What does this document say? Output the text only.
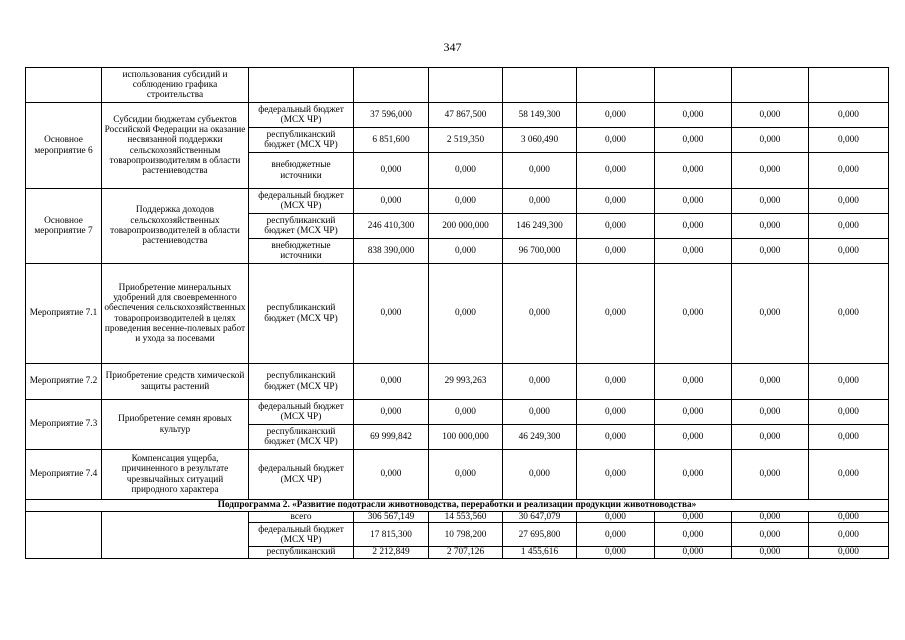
347
	использования субсидий и соблюдению графика строительства								
Основное мероприятие 6	Субсидии бюджетам субъектов Российской Федерации на оказание несвязанной поддержки сельскохозяйственным товаропроизводителям в области растениеводства	федеральный бюджет (МСХ ЧР)	37 596,000	47 867,500	58 149,300	0,000	0,000	0,000	0,000
		республиканский бюджет (МСХ ЧР)	6 851,600	2 519,350	3 060,490	0,000	0,000	0,000	0,000
		внебюджетные источники	0,000	0,000	0,000	0,000	0,000	0,000	0,000
Основное мероприятие 7	Поддержка доходов сельскохозяйственных товаропроизводителей в области растениеводства	федеральный бюджет (МСХ ЧР)	0,000	0,000	0,000	0,000	0,000	0,000	0,000
		республиканский бюджет (МСХ ЧР)	246 410,300	200 000,000	146 249,300	0,000	0,000	0,000	0,000
		внебюджетные источники	838 390,000	0,000	96 700,000	0,000	0,000	0,000	0,000
Мероприятие 7.1	Приобретение минеральных удобрений для своевременного обеспечения сельскохозяйственных товаропроизводителей в целях проведения весенне-полевых работ и ухода за посевами	республиканский бюджет (МСХ ЧР)	0,000	0,000	0,000	0,000	0,000	0,000	0,000
Мероприятие 7.2	Приобретение средств химической защиты растений	республиканский бюджет (МСХ ЧР)	0,000	29 993,263	0,000	0,000	0,000	0,000	0,000
Мероприятие 7.3	Приобретение семян яровых культур	федеральный бюджет (МСХ ЧР)	0,000	0,000	0,000	0,000	0,000	0,000	0,000
		республиканский бюджет (МСХ ЧР)	69 999,842	100 000,000	46 249,300	0,000	0,000	0,000	0,000
Мероприятие 7.4	Компенсация ущерба, причиненного в результате чрезвычайных ситуаций природного характера	федеральный бюджет (МСХ ЧР)	0,000	0,000	0,000	0,000	0,000	0,000	0,000
Подпрограмма 2. «Развитие подотрасли животноводства, переработки и реализации продукции животноводства»									
		всего	306 567,149	14 553,560	30 647,079	0,000	0,000	0,000	0,000
		федеральный бюджет (МСХ ЧР)	17 815,300	10 798,200	27 695,800	0,000	0,000	0,000	0,000
		республиканский	2 212,849	2 707,126	1 455,616	0,000	0,000	0,000	0,000
